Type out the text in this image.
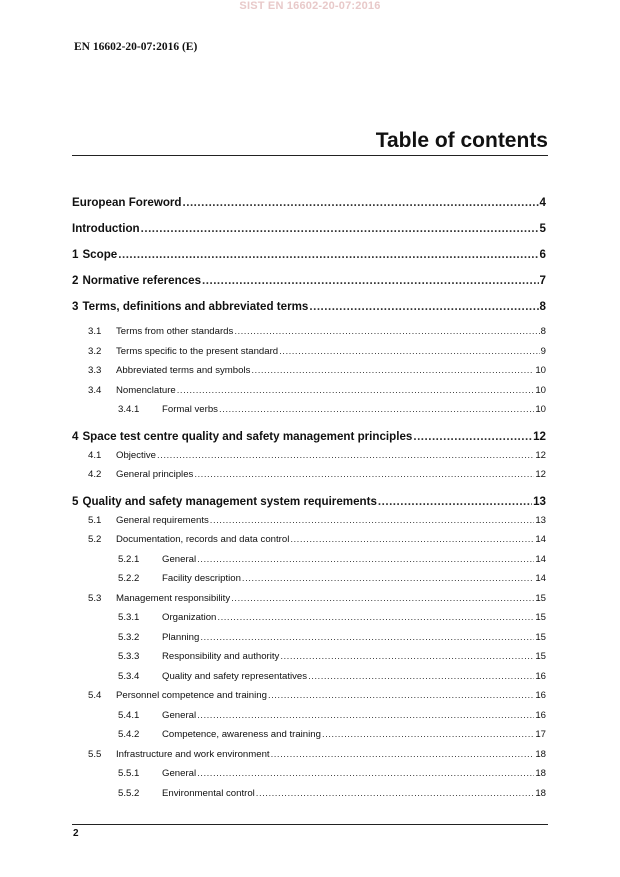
SIST EN 16602-20-07:2016
EN 16602-20-07:2016 (E)
Table of contents
European Foreword .....	4
Introduction .....	5
1 Scope .....	6
2 Normative references .....	7
3 Terms, definitions and abbreviated terms .....	8
3.1	Terms from other standards .....	8
3.2	Terms specific to the present standard .....	9
3.3	Abbreviated terms and symbols .....	10
3.4	Nomenclature .....	10
3.4.1	Formal verbs .....	10
4 Space test centre quality and safety management principles .....	12
4.1	Objective .....	12
4.2	General principles .....	12
5 Quality and safety management system requirements .....	13
5.1	General requirements .....	13
5.2	Documentation, records and data control .....	14
5.2.1	General .....	14
5.2.2	Facility description .....	14
5.3	Management responsibility .....	15
5.3.1	Organization .....	15
5.3.2	Planning .....	15
5.3.3	Responsibility and authority .....	15
5.3.4	Quality and safety representatives .....	16
5.4	Personnel competence and training .....	16
5.4.1	General .....	16
5.4.2	Competence, awareness and training .....	17
5.5	Infrastructure and work environment .....	18
5.5.1	General .....	18
5.5.2	Environmental control .....	18
2
